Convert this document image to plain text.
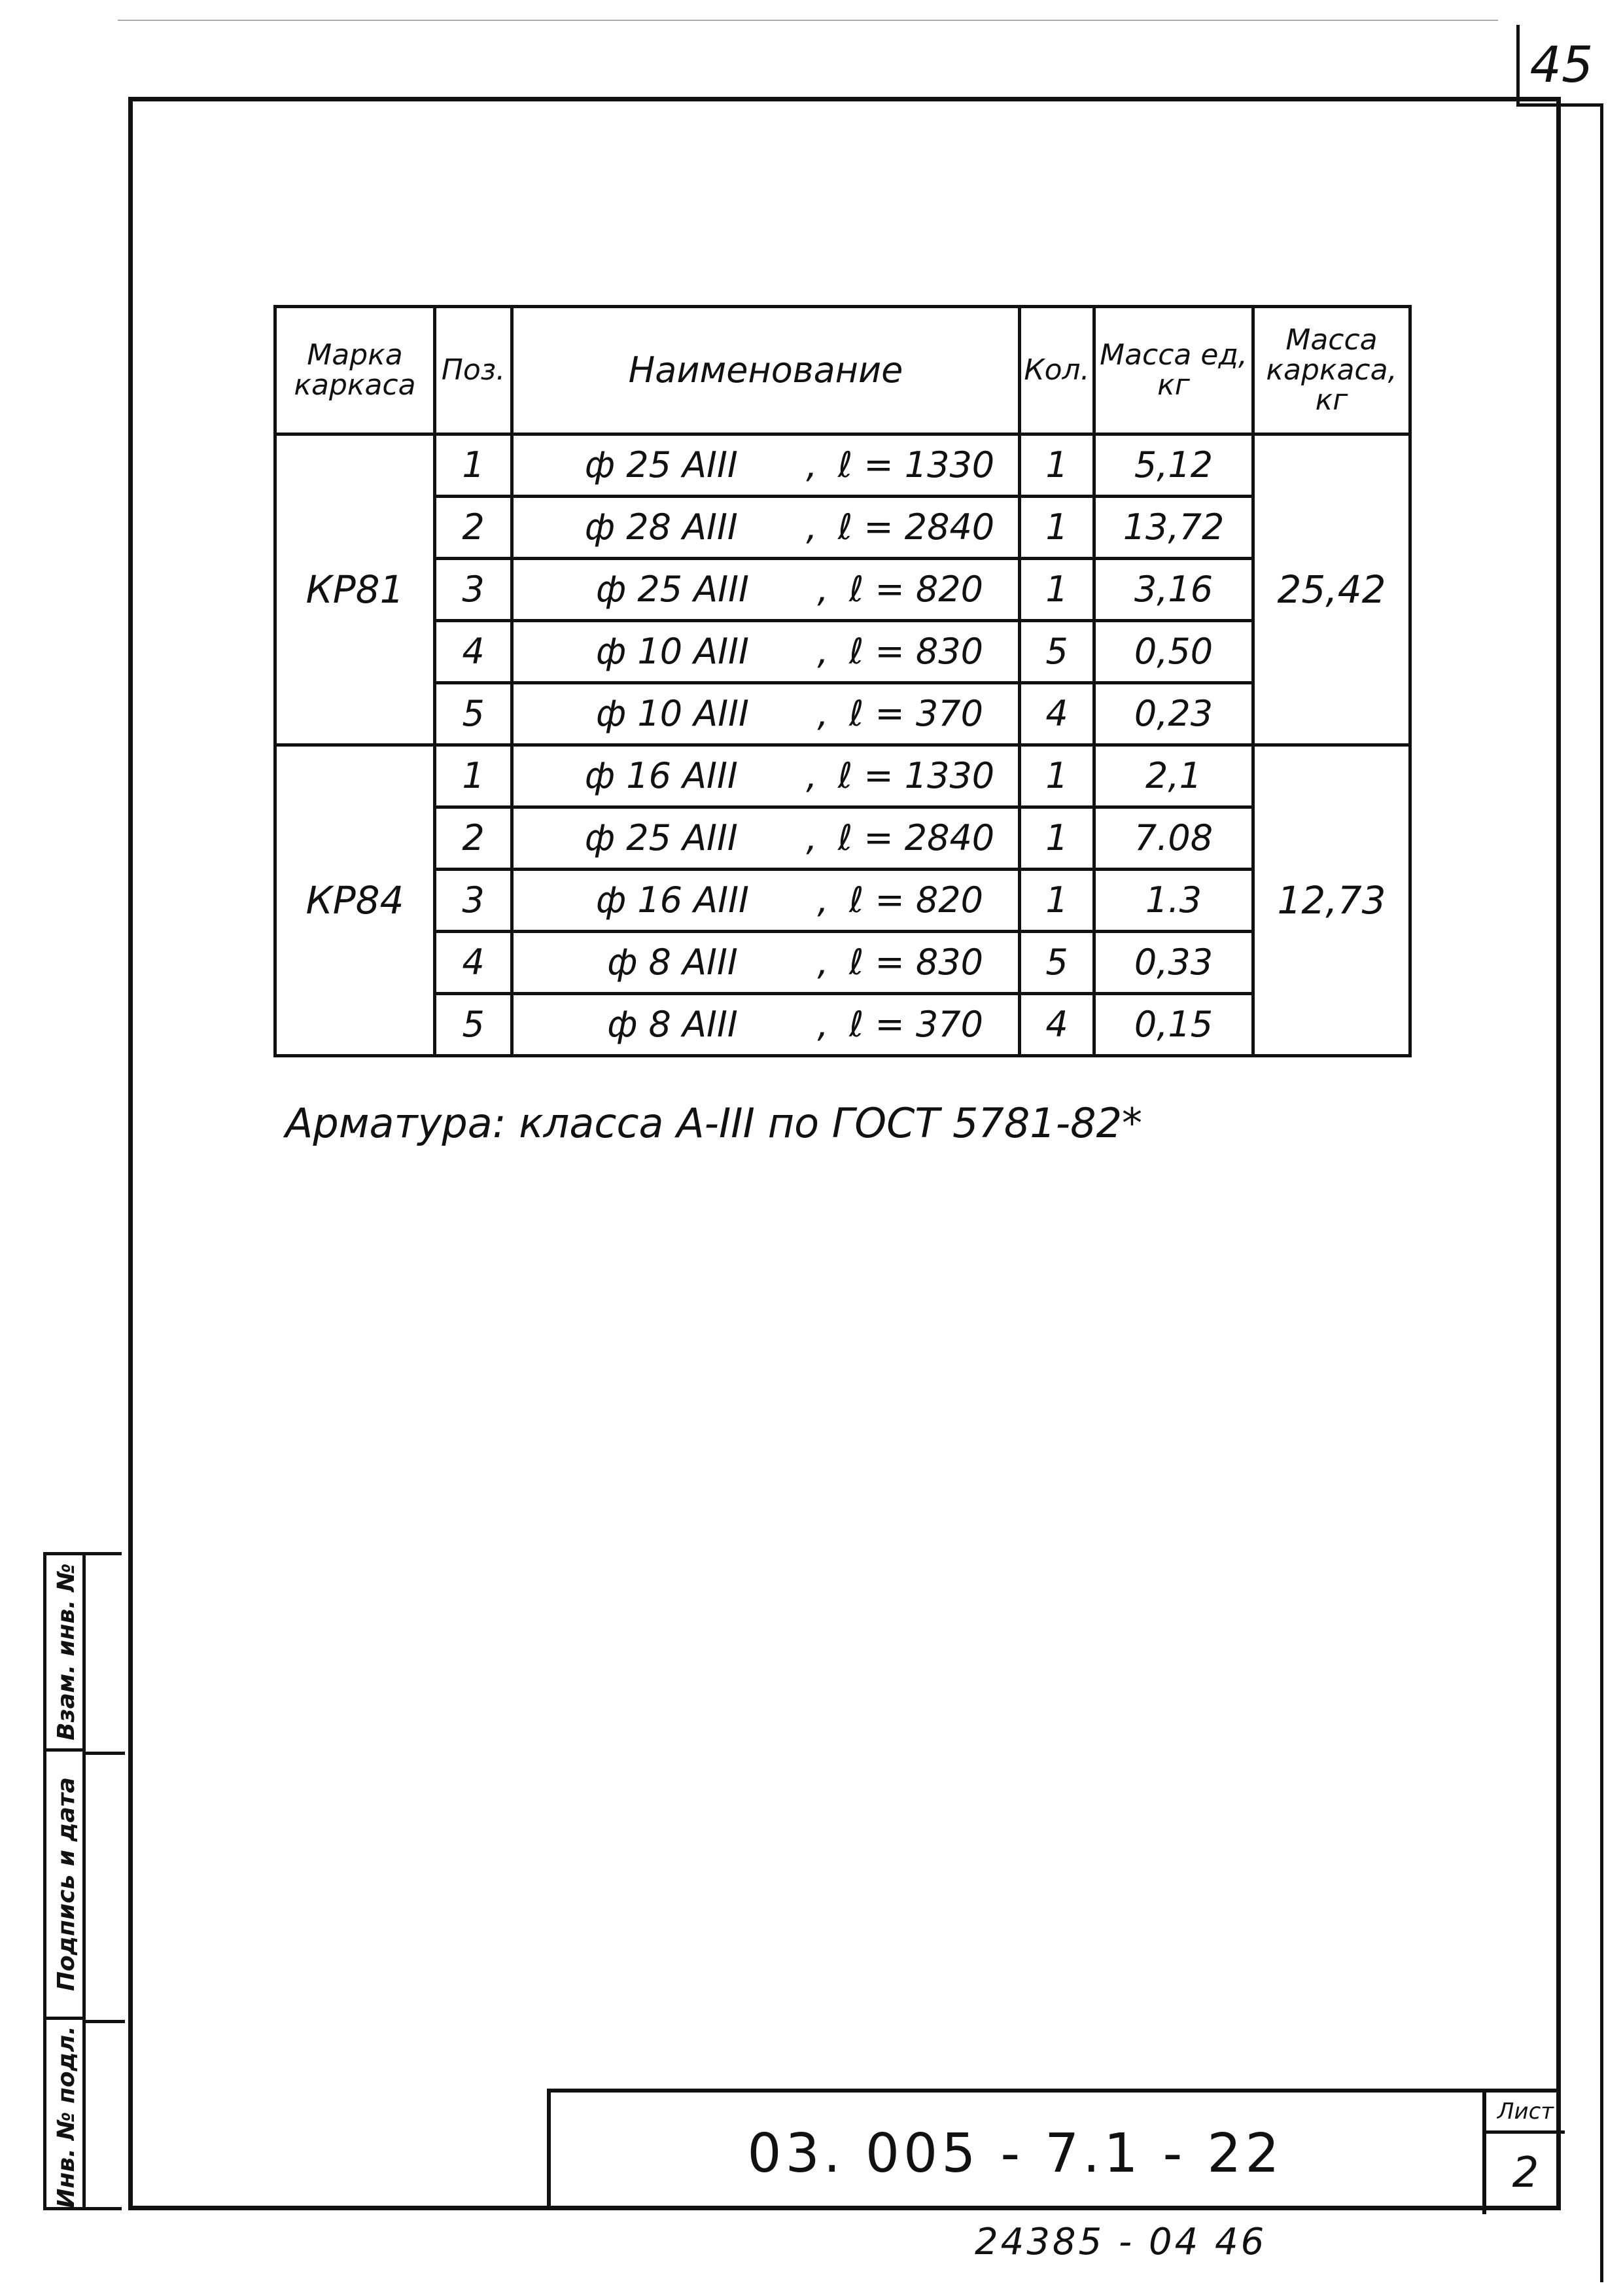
45
Марка каркаса	Поз.	Наименование	Кол.	Масса ед, кг	Масса каркаса, кг
КР81	1	ф 25 АIII , ℓ = 1330	1	5,12	25,42
	2	ф 28 АIII , ℓ = 2840	1	13,72	
	3	ф 25 АIII , ℓ = 820	1	3,16	
	4	ф 10 АIII , ℓ = 830	5	0,50	
	5	ф 10 АIII , ℓ = 370	4	0,23	
КР84	1	ф 16 АIII , ℓ = 1330	1	2,1	12,73
	2	ф 25 АIII , ℓ = 2840	1	7.08	
	3	ф 16 АIII , ℓ = 820	1	1.3	
	4	ф 8 АIII , ℓ = 830	5	0,33	
	5	ф 8 АIII , ℓ = 370	4	0,15	
Арматура: класса А-III по ГОСТ 5781-82*
Взам. инв. №
Подпись и дата
Инв. № подл.	03. 005 - 7.1 - 22
Лист
2
24385 - 04 46
